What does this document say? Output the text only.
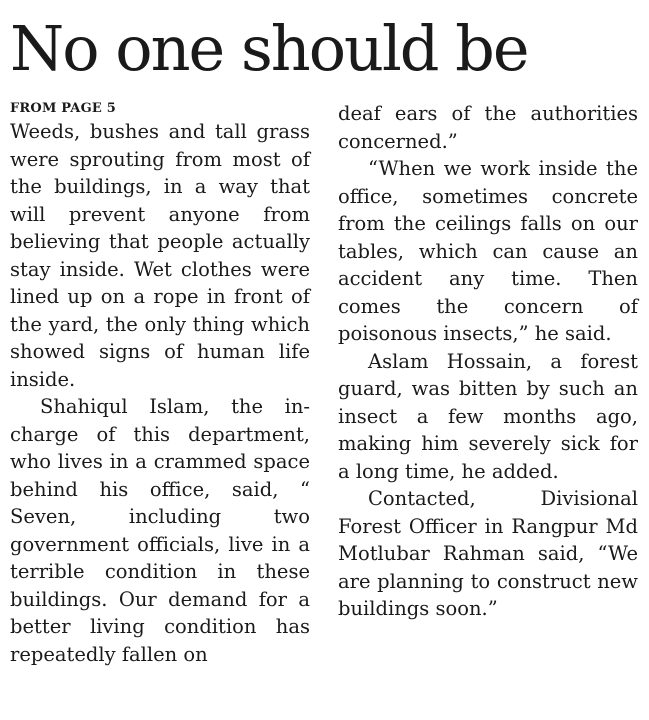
No one should be
FROM PAGE 5

Weeds, bushes and tall grass were sprouting from most of the buildings, in a way that will prevent anyone from believing that people actually stay inside. Wet clothes were lined up on a rope in front of the yard, the only thing which showed signs of human life inside.

Shahiqul Islam, the in-charge of this department, who lives in a crammed space behind his office, said, “ Seven, including two government officials, live in a terrible condition in these buildings. Our demand for a better living condition has repeatedly fallen on

deaf ears of the authorities concerned.”

“When we work inside the office, sometimes concrete from the ceilings falls on our tables, which can cause an accident any time. Then comes the concern of poisonous insects,” he said.

Aslam Hossain, a forest guard, was bitten by such an insect a few months ago, making him severely sick for a long time, he added.

Contacted, Divisional Forest Officer in Rangpur Md Motlubar Rahman said, “We are planning to construct new buildings soon.”
